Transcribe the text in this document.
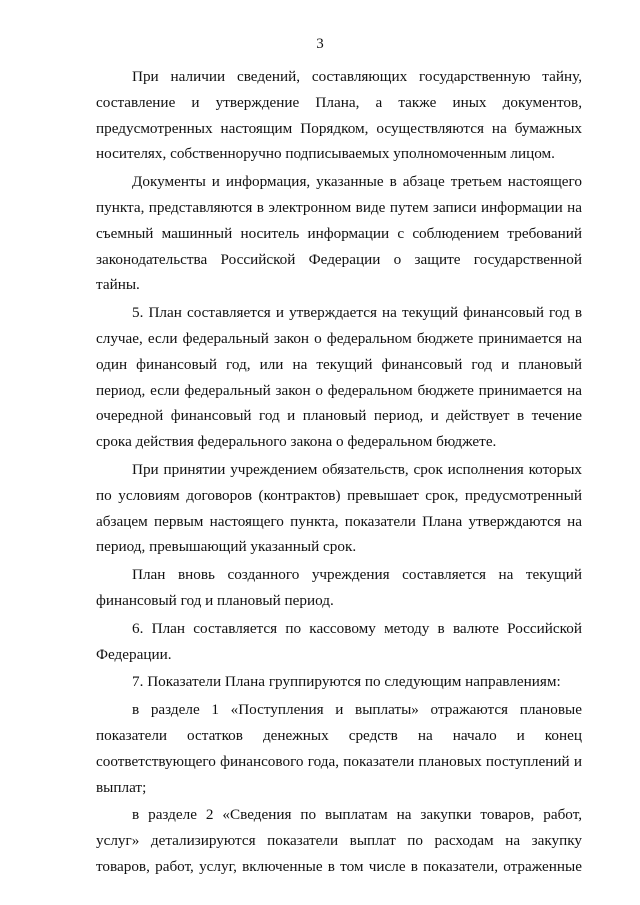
3

При наличии сведений, составляющих государственную тайну, составление и утверждение Плана, а также иных документов, предусмотренных настоящим Порядком, осуществляются на бумажных носителях, собственноручно подписываемых уполномоченным лицом.

Документы и информация, указанные в абзаце третьем настоящего пункта, представляются в электронном виде путем записи информации на съемный машинный носитель информации с соблюдением требований законодательства Российской Федерации о защите государственной тайны.

5. План составляется и утверждается на текущий финансовый год в случае, если федеральный закон о федеральном бюджете принимается на один финансовый год, или на текущий финансовый год и плановый период, если федеральный закон о федеральном бюджете принимается на очередной финансовый год и плановый период, и действует в течение срока действия федерального закона о федеральном бюджете.

При принятии учреждением обязательств, срок исполнения которых по условиям договоров (контрактов) превышает срок, предусмотренный абзацем первым настоящего пункта, показатели Плана утверждаются на период, превышающий указанный срок.

План вновь созданного учреждения составляется на текущий финансовый год и плановый период.

6. План составляется по кассовому методу в валюте Российской Федерации.

7. Показатели Плана группируются по следующим направлениям:

в разделе 1 «Поступления и выплаты» отражаются плановые показатели остатков денежных средств на начало и конец соответствующего финансового года, показатели плановых поступлений и выплат;

в разделе 2 «Сведения по выплатам на закупки товаров, работ, услуг» детализируются показатели выплат по расходам на закупку товаров, работ, услуг, включенные в том числе в показатели, отраженные
